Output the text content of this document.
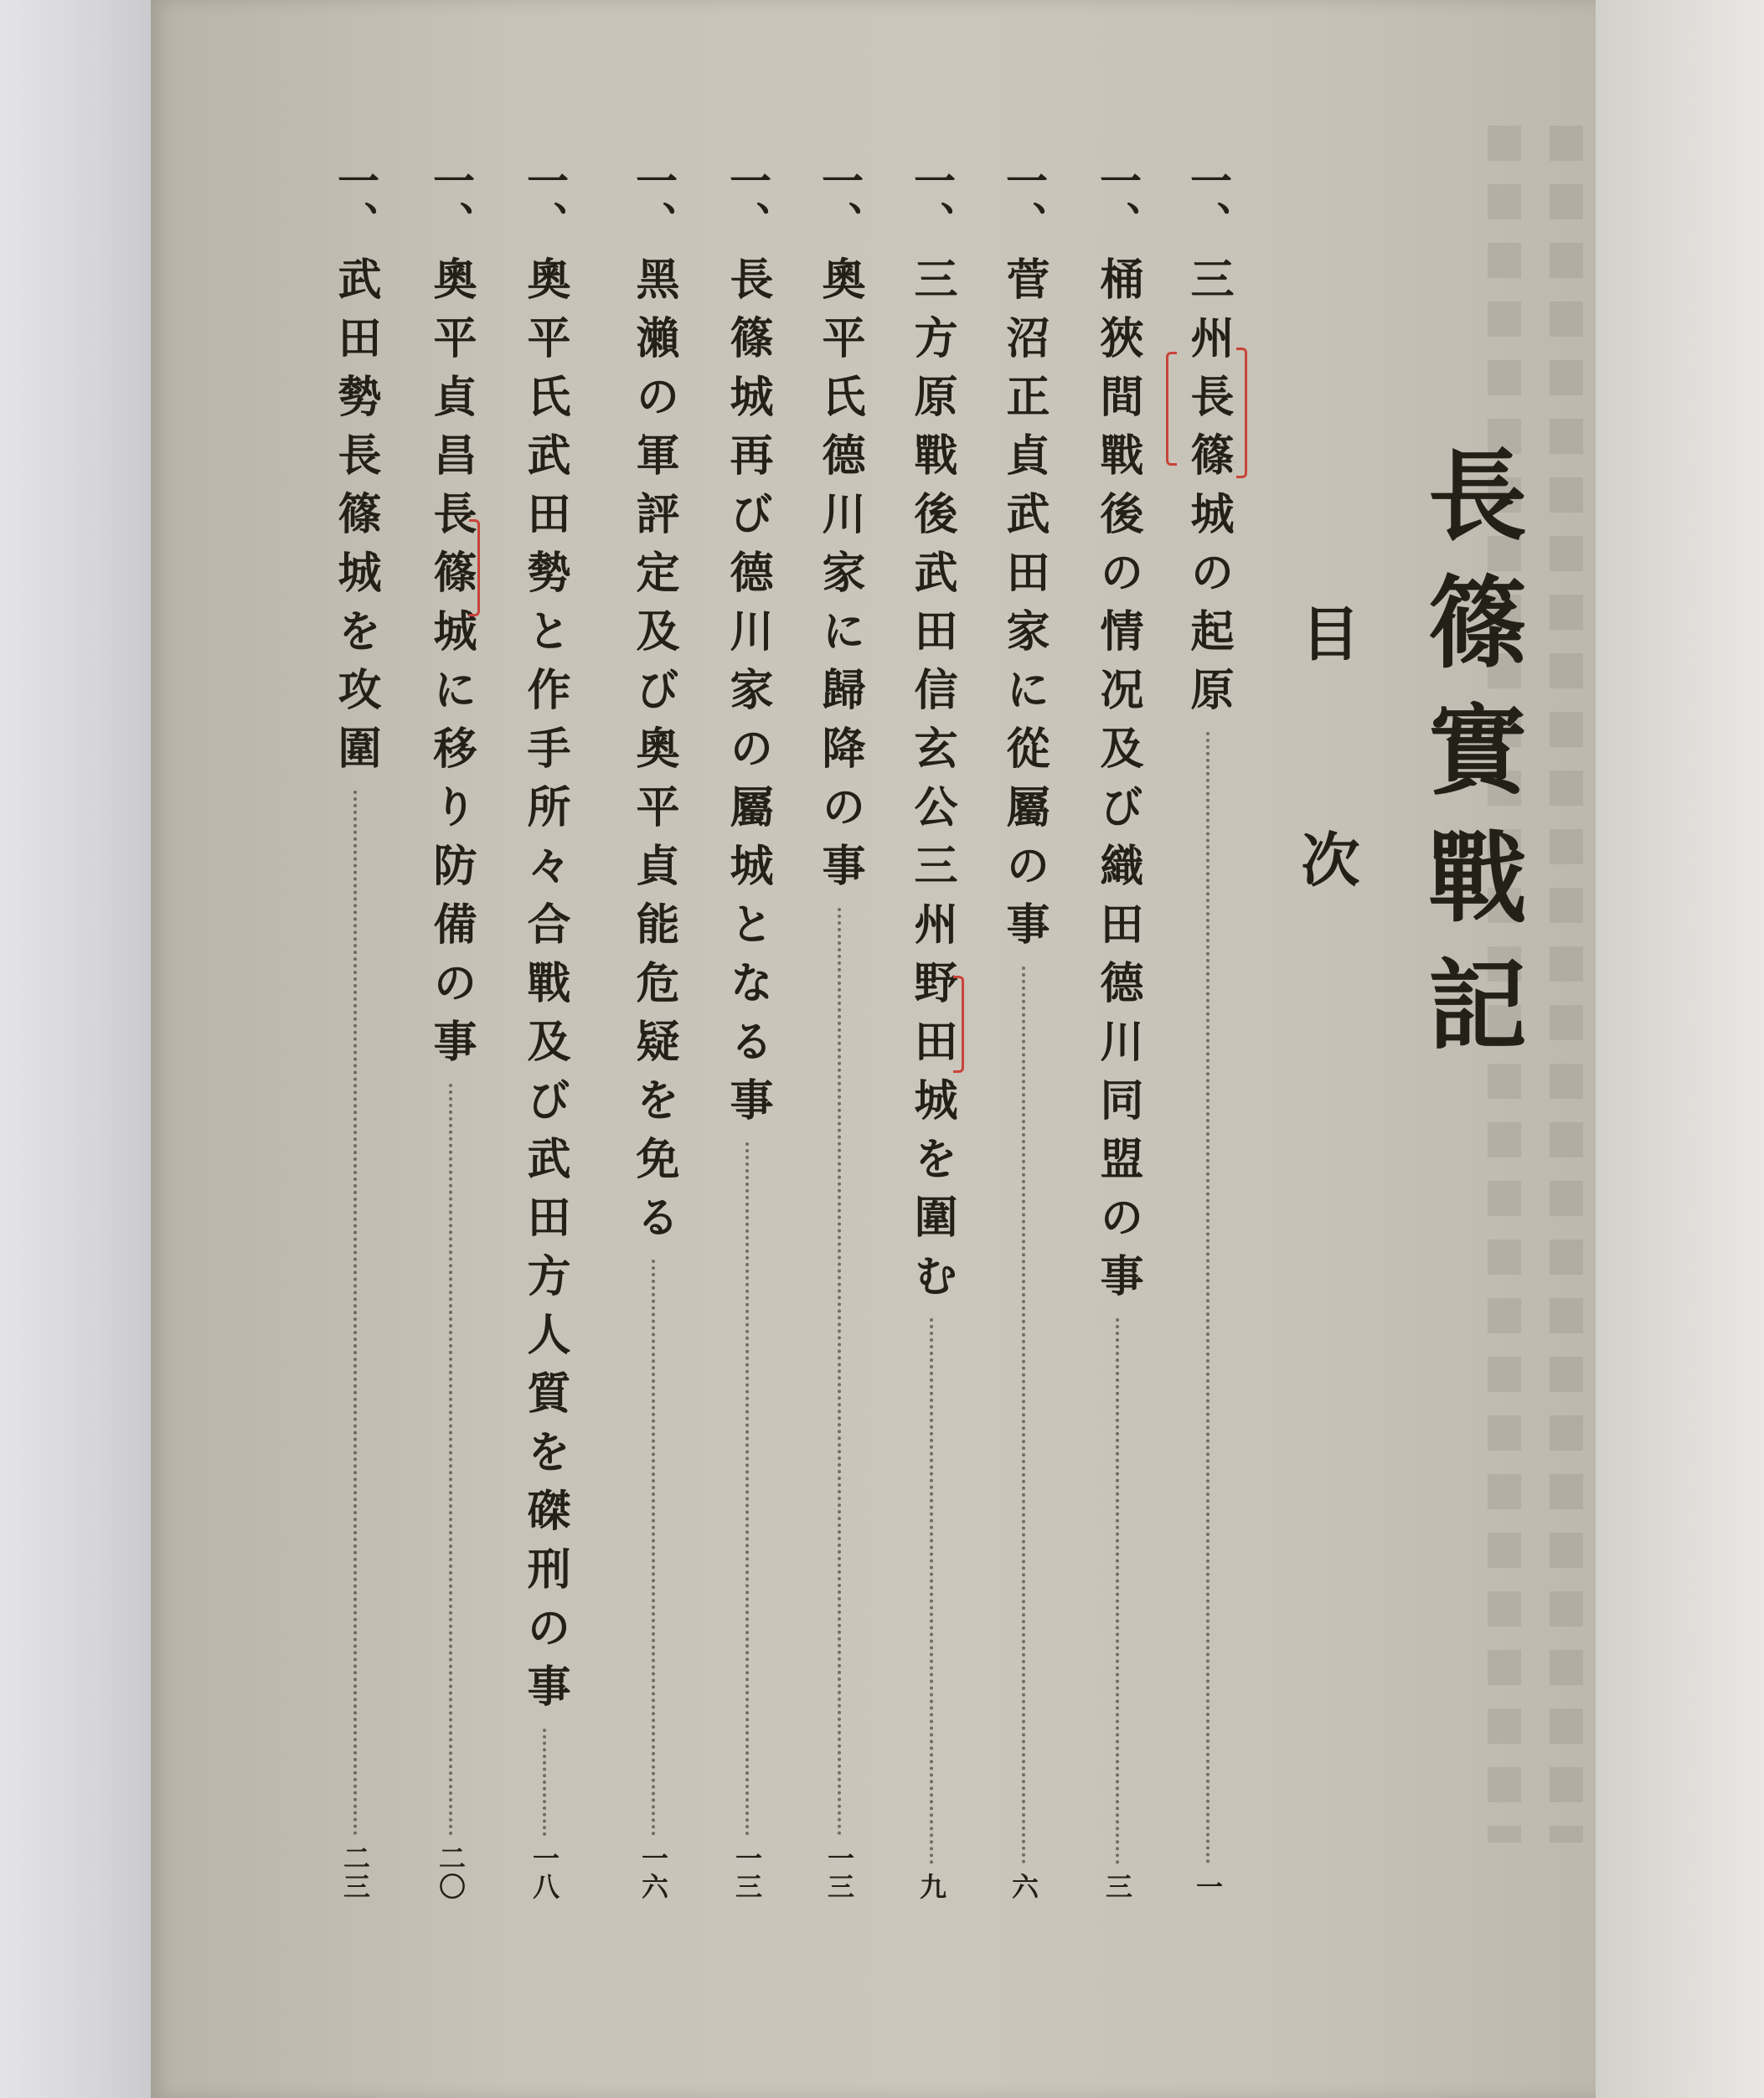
長篠實戰記
目次
一、
三州長篠城の起原
一
一、
桶狹間戰後の情况及び織田德川同盟の事
三
一、
菅沼正貞武田家に從屬の事
六
一、
三方原戰後武田信玄公三州野田城を圍む
九
一、
奧平氏德川家に歸降の事
一三
一、
長篠城再び德川家の屬城となる事
一三
一、
黑瀨の軍評定及び奧平貞能危疑を免る
一六
一、
奧平氏武田勢と作手所々合戰及び武田方人質を磔刑の事
一八
一、
奧平貞昌長篠城に移り防備の事
二〇
一、
武田勢長篠城を攻圍
二三
